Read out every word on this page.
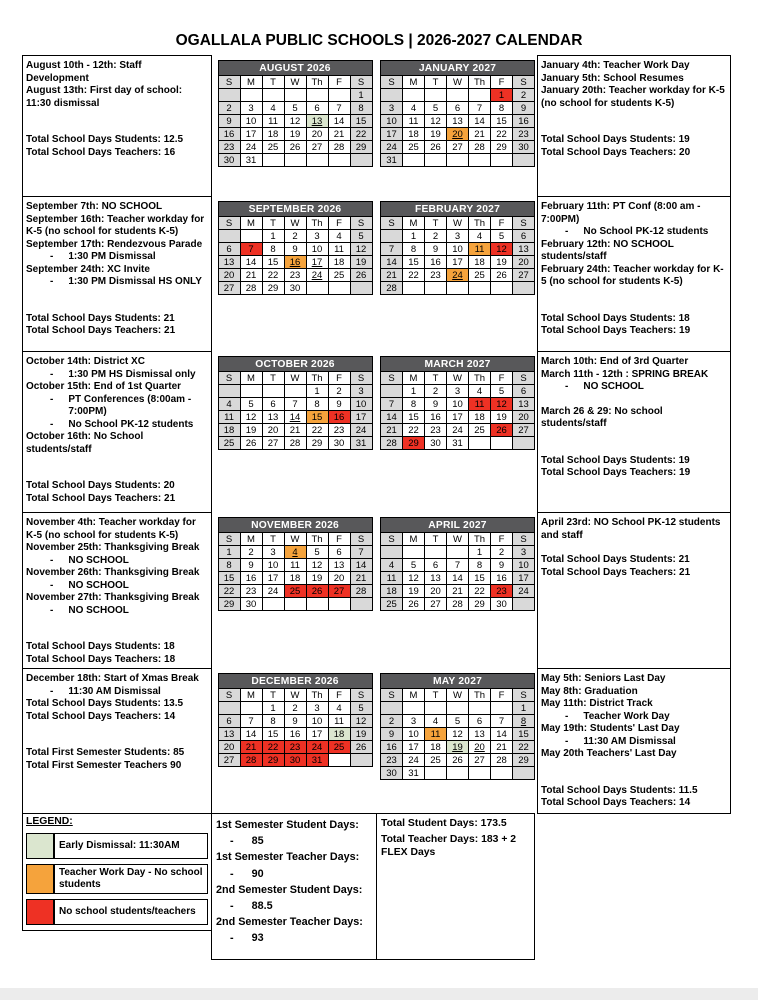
OGALLALA PUBLIC SCHOOLS | 2026-2027 CALENDAR
August 10th - 12th: Staff Development
August 13th: First day of school: 11:30 dismissal
Total School Days Students: 12.5
Total School Days Teachers: 16
AUGUST 2026						
S	M	T	W	Th	F	S
						1
2	3	4	5	6	7	8
9	10	11	12	13	14	15
16	17	18	19	20	21	22
23	24	25	26	27	28	29
30	31					
JANUARY 2027						
S	M	T	W	Th	F	S
					1	2
3	4	5	6	7	8	9
10	11	12	13	14	15	16
17	18	19	20	21	22	23
24	25	26	27	28	29	30
31						
January 4th: Teacher Work Day
January 5th: School Resumes
January 20th: Teacher workday for K-5 (no school for students K-5)
Total School Days Students: 19
Total School Days Teachers: 20
September 7th: NO SCHOOL
September 16th: Teacher workday for K-5 (no school for students K-5)
September 17th: Rendezvous Parade
- 1:30 PM Dismissal
September 24th: XC Invite
- 1:30 PM Dismissal HS ONLY
Total School Days Students: 21
Total School Days Teachers: 21
SEPTEMBER 2026						
S	M	T	W	Th	F	S
		1	2	3	4	5
6	7	8	9	10	11	12
13	14	15	16	17	18	19
20	21	22	23	24	25	26
27	28	29	30			
FEBRUARY 2027						
S	M	T	W	Th	F	S
	1	2	3	4	5	6
7	8	9	10	11	12	13
14	15	16	17	18	19	20
21	22	23	24	25	26	27
28						
February 11th: PT Conf (8:00 am - 7:00PM)
- No School PK-12 students
February 12th: NO SCHOOL students/staff
February 24th: Teacher workday for K-5 (no school for students K-5)
Total School Days Students: 18
Total School Days Teachers: 19
October 14th: District XC
- 1:30 PM HS Dismissal only
October 15th: End of 1st Quarter
- PT Conferences (8:00am - 7:00PM)
- No School PK-12 students
October 16th: No School students/staff
Total School Days Students: 20
Total School Days Teachers: 21
OCTOBER 2026						
S	M	T	W	Th	F	S
				1	2	3
4	5	6	7	8	9	10
11	12	13	14	15	16	17
18	19	20	21	22	23	24
25	26	27	28	29	30	31
MARCH 2027						
S	M	T	W	Th	F	S
	1	2	3	4	5	6
7	8	9	10	11	12	13
14	15	16	17	18	19	20
21	22	23	24	25	26	27
28	29	30	31			
March 10th: End of 3rd Quarter
March 11th - 12th : SPRING BREAK
- NO SCHOOL
March 26 & 29: No school students/staff
Total School Days Students: 19
Total School Days Teachers: 19
November 4th: Teacher workday for K-5 (no school for students K-5)
November 25th: Thanksgiving Break
- NO SCHOOL
November 26th: Thanksgiving Break
- NO SCHOOL
November 27th: Thanksgiving Break
- NO SCHOOL
Total School Days Students: 18
Total School Days Teachers: 18
NOVEMBER 2026						
S	M	T	W	Th	F	S
1	2	3	4	5	6	7
8	9	10	11	12	13	14
15	16	17	18	19	20	21
22	23	24	25	26	27	28
29	30					
APRIL 2027						
S	M	T	W	Th	F	S
				1	2	3
4	5	6	7	8	9	10
11	12	13	14	15	16	17
18	19	20	21	22	23	24
25	26	27	28	29	30	
April 23rd: NO School PK-12 students and staff
Total School Days Students: 21
Total School Days Teachers: 21
December 18th: Start of Xmas Break
- 11:30 AM Dismissal
Total School Days Students: 13.5
Total School Days Teachers: 14
Total First Semester Students: 85
Total First Semester Teachers 90
DECEMBER 2026						
S	M	T	W	Th	F	S
		1	2	3	4	5
6	7	8	9	10	11	12
13	14	15	16	17	18	19
20	21	22	23	24	25	26
27	28	29	30	31		
MAY 2027						
S	M	T	W	Th	F	S
						1
2	3	4	5	6	7	8
9	10	11	12	13	14	15
16	17	18	19	20	21	22
23	24	25	26	27	28	29
30	31					
May 5th: Seniors Last Day
May 8th: Graduation
May 11th: District Track
- Teacher Work Day
May 19th: Students' Last Day
- 11:30 AM Dismissal
May 20th Teachers' Last Day
Total School Days Students: 11.5
Total School Days Teachers: 14
LEGEND:
	Early Dismissal: 11:30AM
	Teacher Work Day - No school students
	No school students/teachers
1st Semester Student Days:
- 85
1st Semester Teacher Days:
- 90
2nd Semester Student Days:
- 88.5
2nd Semester Teacher Days:
- 93
Total Student Days: 173.5
Total Teacher Days: 183 + 2 FLEX Days
